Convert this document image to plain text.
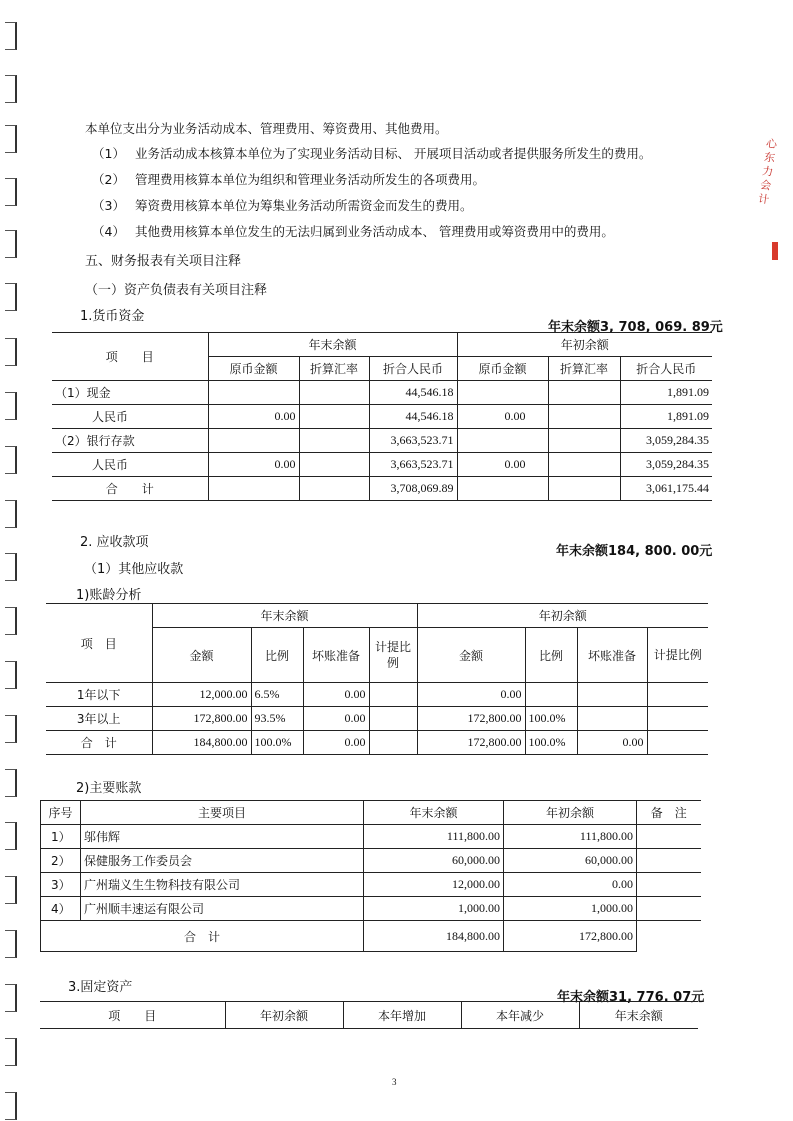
心
东
力
会
计
本单位支出分为业务活动成本、管理费用、筹资费用、其他费用。
（1） 业务活动成本核算本单位为了实现业务活动目标、 开展项目活动或者提供服务所发生的费用。
（2） 管理费用核算本单位为组织和管理业务活动所发生的各项费用。
（3） 筹资费用核算本单位为筹集业务活动所需资金而发生的费用。
（4） 其他费用核算本单位发生的无法归属到业务活动成本、 管理费用或筹资费用中的费用。
五、财务报表有关项目注释
（一）资产负债表有关项目注释
1.货币资金
年末余额3, 708, 069. 89元
项　　目	年末余额			年初余额		
	原币金额	折算汇率	折合人民币	原币金额	折算汇率	折合人民币
（1）现金			44,546.18			1,891.09
人民币	0.00		44,546.18	0.00		1,891.09
（2）银行存款			3,663,523.71			3,059,284.35
人民币	0.00		3,663,523.71	0.00		3,059,284.35
合　　计			3,708,069.89			3,061,175.44
2. 应收款项
年末余额184, 800. 00元
（1）其他应收款
1)账龄分析
项　目	年末余额				年初余额			
	金额	比例	坏账准备	计提比例	金额	比例	坏账准备	计提比例
1年以下	12,000.00	6.5%	0.00		0.00			
3年以上	172,800.00	93.5%	0.00		172,800.00	100.0%		
合　计	184,800.00	100.0%	0.00		172,800.00	100.0%	0.00	
2)主要账款
序号	主要项目	年末余额	年初余额	备　注
1）	邬伟辉	111,800.00	111,800.00	
2）	保健服务工作委员会	60,000.00	60,000.00	
3）	广州瑞义生生物科技有限公司	12,000.00	0.00	
4）	广州顺丰速运有限公司	1,000.00	1,000.00	
合　计		184,800.00	172,800.00	
3.固定资产
年末余额31, 776. 07元
项　　目	年初余额	本年增加	本年减少	年末余额
3
